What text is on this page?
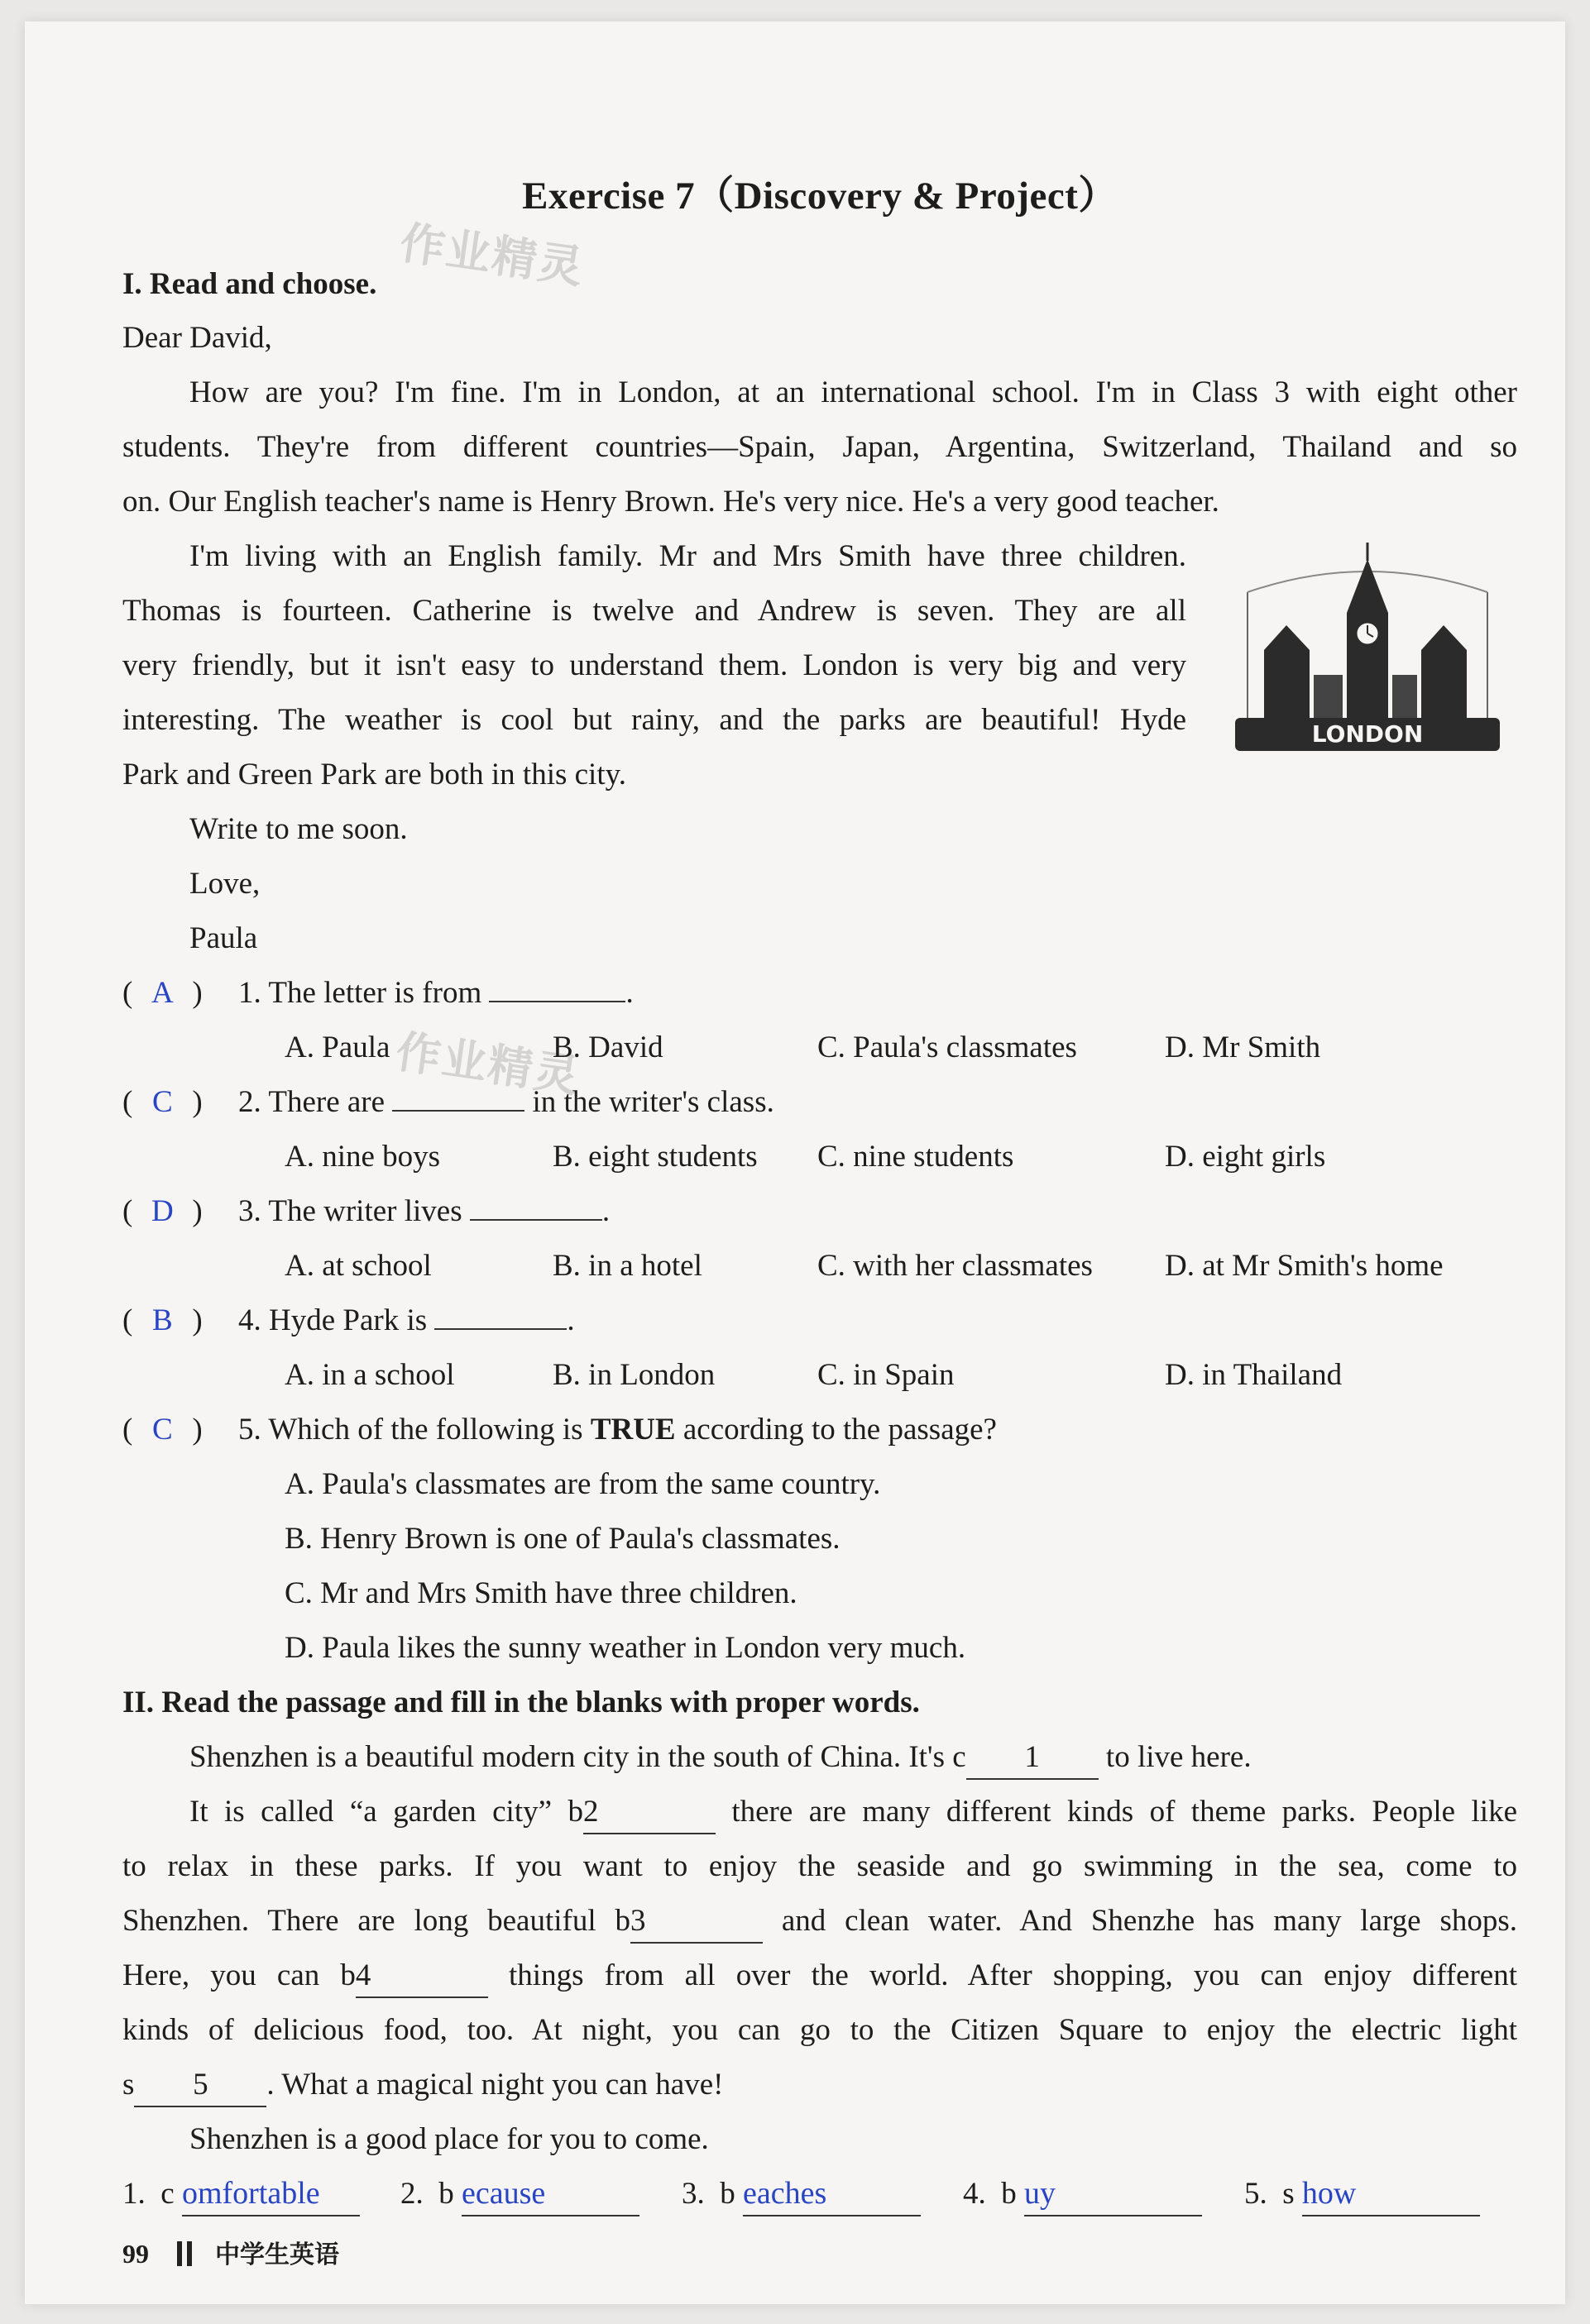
Exercise 7（Discovery & Project）
作业精灵
作业精灵
I. Read and choose.
Dear David,
How are you? I'm fine. I'm in London, at an international school. I'm in Class 3 with eight other
students. They're from different countries—Spain, Japan, Argentina, Switzerland, Thailand and so
on. Our English teacher's name is Henry Brown. He's very nice. He's a very good teacher.
I'm living with an English family. Mr and Mrs Smith have three children.
Thomas is fourteen. Catherine is twelve and Andrew is seven. They are all
very friendly, but it isn't easy to understand them. London is very big and very
interesting. The weather is cool but rainy, and the parks are beautiful! Hyde
Park and Green Park are both in this city.
Write to me soon.
Love,
Paula
LONDON
( A ) 1. The letter is from	.
A. Paula	B. David	C. Paula's classmates	D. Mr Smith
( C ) 2. There are	in the writer's class.
A. nine boys	B. eight students C. nine students	D. eight girls
( D ) 3. The writer lives	.
A. at school	B. in a hotel	C. with her classmates D. at Mr Smith's home
( B ) 4. Hyde Park is	.
A. in a school	B. in London	C. in Spain	D. in Thailand
( C ) 5. Which of the following is TRUE according to the passage?
A. Paula's classmates are from the same country.
B. Henry Brown is one of Paula's classmates.
C. Mr and Mrs Smith have three children.
D. Paula likes the sunny weather in London very much.
II. Read the passage and fill in the blanks with proper words.
Shenzhen is a beautiful modern city in the south of China. It's c 1 to live here.
It is called “a garden city” b2	there are many different kinds of theme parks. People like
to relax in these parks. If you want to enjoy the seaside and go swimming in the sea, come to
Shenzhen. There are long beautiful b3	and clean water. And Shenzhe has many large shops.
Here, you can b4	things from all over the world. After shopping, you can enjoy different
kinds of delicious food, too. At night, you can go to the Citizen Square to enjoy the electric light
s 5 . What a magical night you can have!
Shenzhen is a good place for you to come.
1. c omfortable	2. b ecause	3. b eaches	4. b uy	5. s how
99	中学生英语
